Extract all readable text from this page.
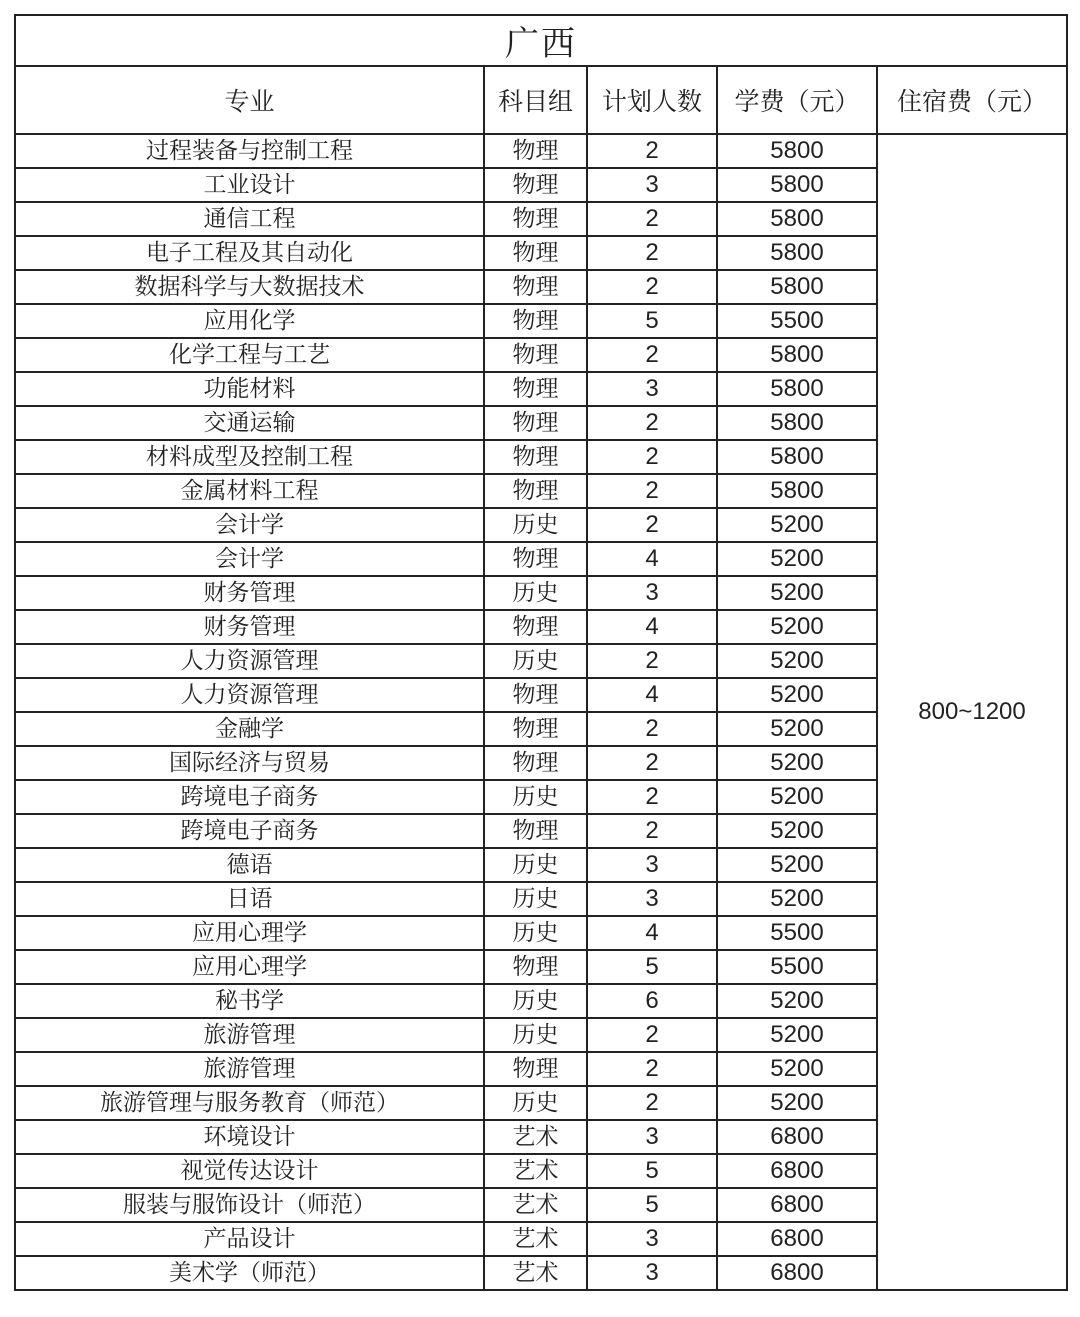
广西				
专业	科目组	计划人数	学费（元）	住宿费（元）
过程装备与控制工程	物理	2	5800	800~1200
工业设计	物理	3	5800	
通信工程	物理	2	5800	
电子工程及其自动化	物理	2	5800	
数据科学与大数据技术	物理	2	5800	
应用化学	物理	5	5500	
化学工程与工艺	物理	2	5800	
功能材料	物理	3	5800	
交通运输	物理	2	5800	
材料成型及控制工程	物理	2	5800	
金属材料工程	物理	2	5800	
会计学	历史	2	5200	
会计学	物理	4	5200	
财务管理	历史	3	5200	
财务管理	物理	4	5200	
人力资源管理	历史	2	5200	
人力资源管理	物理	4	5200	
金融学	物理	2	5200	
国际经济与贸易	物理	2	5200	
跨境电子商务	历史	2	5200	
跨境电子商务	物理	2	5200	
德语	历史	3	5200	
日语	历史	3	5200	
应用心理学	历史	4	5500	
应用心理学	物理	5	5500	
秘书学	历史	6	5200	
旅游管理	历史	2	5200	
旅游管理	物理	2	5200	
旅游管理与服务教育（师范）	历史	2	5200	
环境设计	艺术	3	6800	
视觉传达设计	艺术	5	6800	
服装与服饰设计（师范）	艺术	5	6800	
产品设计	艺术	3	6800	
美术学（师范）	艺术	3	6800	
